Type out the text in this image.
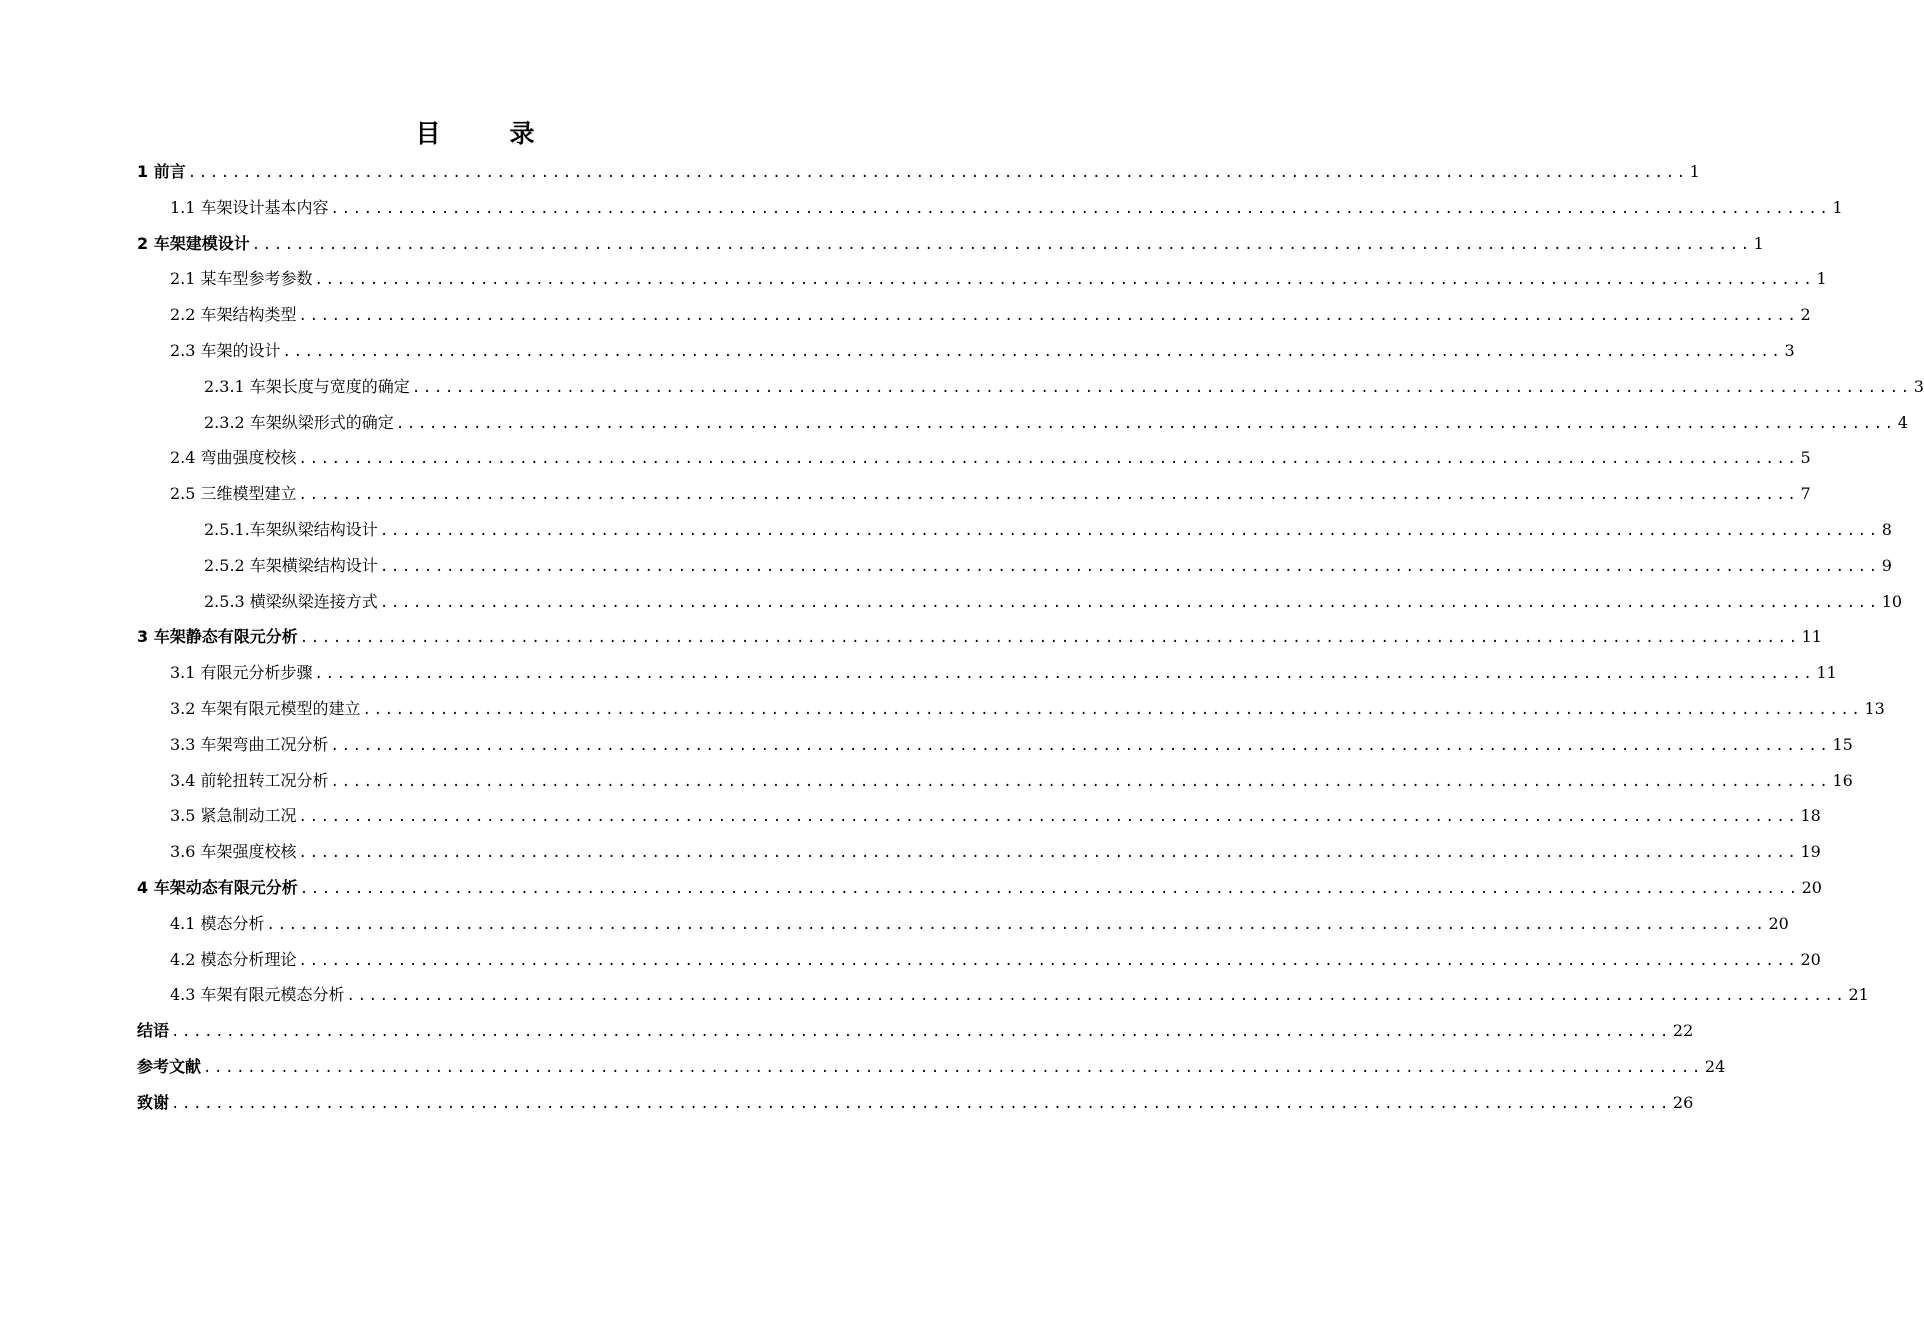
目　录
1 前言 ........................................................................................................................................ 1
1.1 车架设计基本内容 ........................................................................................................................................ 1
2 车架建模设计 ........................................................................................................................................ 1
2.1 某车型参考参数 ........................................................................................................................................ 1
2.2 车架结构类型 ........................................................................................................................................ 2
2.3 车架的设计 ........................................................................................................................................ 3
2.3.1 车架长度与宽度的确定 ........................................................................................................................................ 3
2.3.2 车架纵梁形式的确定 ........................................................................................................................................ 4
2.4 弯曲强度校核 ........................................................................................................................................ 5
2.5 三维模型建立 ........................................................................................................................................ 7
2.5.1.车架纵梁结构设计 ........................................................................................................................................ 8
2.5.2 车架横梁结构设计 ........................................................................................................................................ 9
2.5.3 横梁纵梁连接方式 ........................................................................................................................................ 10
3 车架静态有限元分析 ........................................................................................................................................ 11
3.1 有限元分析步骤 ........................................................................................................................................ 11
3.2 车架有限元模型的建立 ........................................................................................................................................ 13
3.3 车架弯曲工况分析 ........................................................................................................................................ 15
3.4 前轮扭转工况分析 ........................................................................................................................................ 16
3.5 紧急制动工况 ........................................................................................................................................ 18
3.6 车架强度校核 ........................................................................................................................................ 19
4 车架动态有限元分析 ........................................................................................................................................ 20
4.1 模态分析 ........................................................................................................................................ 20
4.2 模态分析理论 ........................................................................................................................................ 20
4.3 车架有限元模态分析 ........................................................................................................................................ 21
结语 ........................................................................................................................................ 22
参考文献 ........................................................................................................................................ 24
致谢 ........................................................................................................................................ 26
